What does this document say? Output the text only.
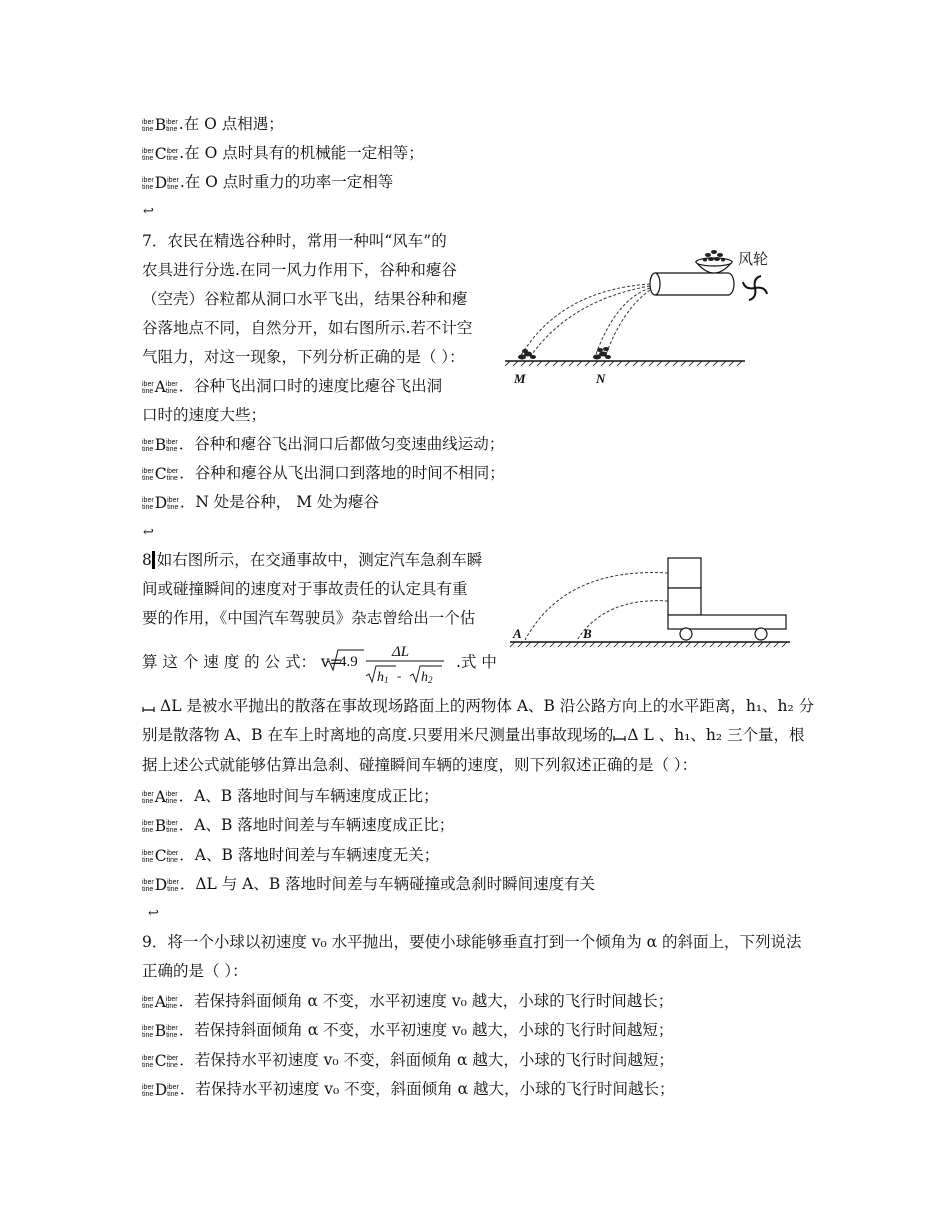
iber
tine B iber
tine .在 O 点相遇；
iber
tine C iber
tine .在 O 点时具有的机械能一定相等；
iber
tine D iber
tine .在 O 点时重力的功率一定相等
↩
7．农民在精选谷种时，常用一种叫“风车”的
农具进行分选.在同一风力作用下，谷种和瘪谷
（空壳）谷粒都从洞口水平飞出，结果谷种和瘪
谷落地点不同，自然分开，如右图所示.若不计空
气阻力，对这一现象，下列分析正确的是（ ）：
iber
tine A iber
tine ．谷种飞出洞口时的速度比瘪谷飞出洞
口时的速度大些；
iber
tine B iber
tine ．谷种和瘪谷飞出洞口后都做匀变速曲线运动；
iber
tine C iber
tine ．谷种和瘪谷从飞出洞口到落地的时间不相同；
iber
tine D iber
tine ．N 处是谷种， M 处为瘪谷
↩
风轮
M	N
8.如右图所示，在交通事故中，测定汽车急刹车瞬
间或碰撞瞬间的速度对于事故责任的认定具有重
要的作用，《中国汽车驾驶员》杂志曾给出一个估
算 这 个 速 度 的 公 式： v=
4.9
ΔL
h1 - h2
.式 中
ΔL 是被水平抛出的散落在事故现场路面上的两物体 A、B 沿公路方向上的水平距离，h₁、h₂ 分
别是散落物 A、B 在车上时离地的高度.只要用米尺测量出事故现场的 Δ L 、h₁、h₂ 三个量，根
据上述公式就能够估算出急刹、碰撞瞬间车辆的速度，则下列叙述正确的是（ ）：
iber
tine A iber
tine ．A、B 落地时间与车辆速度成正比；
iber
tine B iber
tine ．A、B 落地时间差与车辆速度成正比；
iber
tine C iber
tine ．A、B 落地时间差与车辆速度无关；
iber
tine D iber
tine ．ΔL 与 A、B 落地时间差与车辆碰撞或急刹时瞬间速度有关
↩
A	B
9．将一个小球以初速度 v₀ 水平抛出，要使小球能够垂直打到一个倾角为 α 的斜面上，下列说法
正确的是（ ）：
iber
tine A iber
tine ．若保持斜面倾角 α 不变，水平初速度 v₀ 越大，小球的飞行时间越长；
iber
tine B iber
tine ．若保持斜面倾角 α 不变，水平初速度 v₀ 越大，小球的飞行时间越短；
iber
tine C iber
tine ．若保持水平初速度 v₀ 不变，斜面倾角 α 越大，小球的飞行时间越短；
iber
tine D iber
tine ．若保持水平初速度 v₀ 不变，斜面倾角 α 越大，小球的飞行时间越长；
